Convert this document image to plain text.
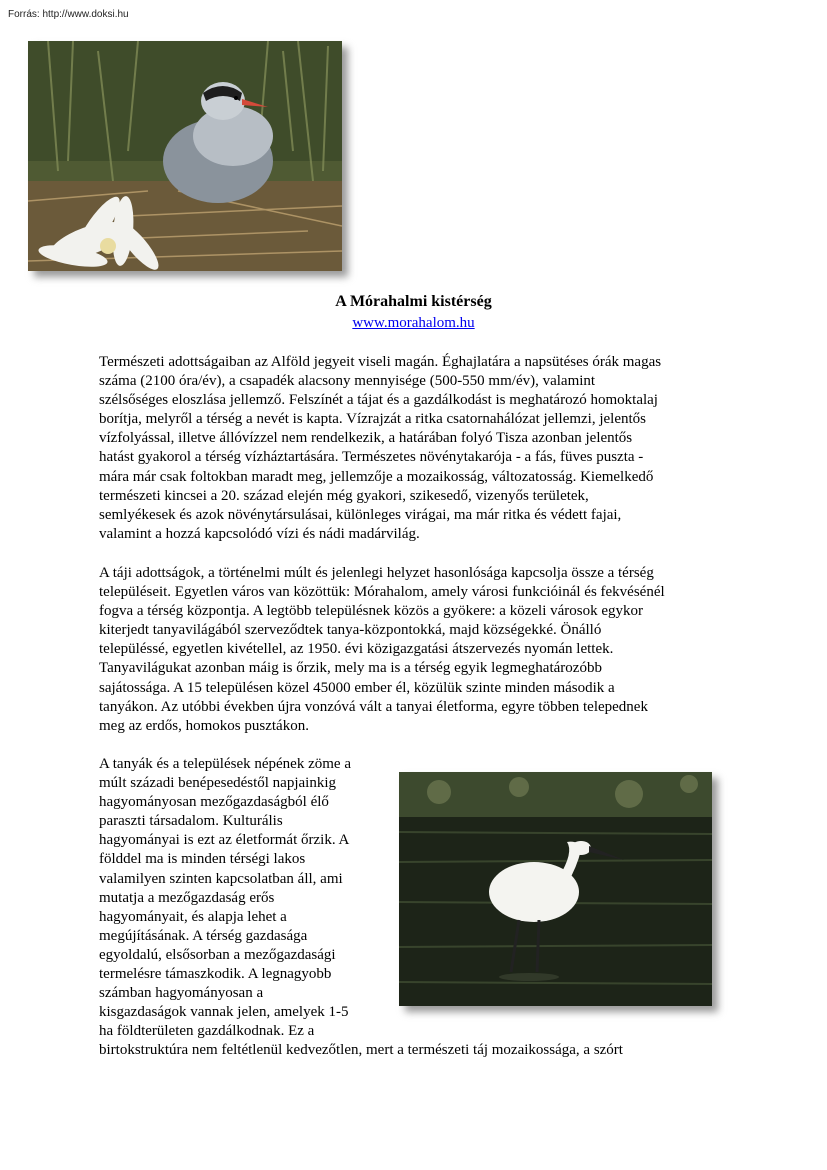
Forrás: http://www.doksi.hu
A Mórahalmi kistérség
www.morahalom.hu
Természeti adottságaiban az Alföld jegyeit viseli magán. Éghajlatára a napsütéses órák magas
száma (2100 óra/év), a csapadék alacsony mennyisége (500-550 mm/év), valamint
szélsőséges eloszlása jellemző. Felszínét a tájat és a gazdálkodást is meghatározó homoktalaj
borítja, melyről a térség a nevét is kapta. Vízrajzát a ritka csatornahálózat jellemzi, jelentős
vízfolyással, illetve állóvízzel nem rendelkezik, a határában folyó Tisza azonban jelentős
hatást gyakorol a térség vízháztartására. Természetes növénytakarója - a fás, füves puszta -
mára már csak foltokban maradt meg, jellemzője a mozaikosság, változatosság. Kiemelkedő
természeti kincsei a 20. század elején még gyakori, szikesedő, vizenyős területek,
semlyékesek és azok növénytársulásai, különleges virágai, ma már ritka és védett fajai,
valamint a hozzá kapcsolódó vízi és nádi madárvilág.
A táji adottságok, a történelmi múlt és jelenlegi helyzet hasonlósága kapcsolja össze a térség
településeit. Egyetlen város van közöttük: Mórahalom, amely városi funkcióinál és fekvésénél
fogva a térség központja. A legtöbb településnek közös a gyökere: a közeli városok egykor
kiterjedt tanyavilágából szerveződtek tanya-központokká, majd községekké. Önálló
településsé, egyetlen kivétellel, az 1950. évi közigazgatási átszervezés nyomán lettek.
Tanyavilágukat azonban máig is őrzik, mely ma is a térség egyik legmeghatározóbb
sajátossága. A 15 településen közel 45000 ember él, közülük szinte minden második a
tanyákon. Az utóbbi években újra vonzóvá vált a tanyai életforma, egyre többen telepednek
meg az erdős, homokos pusztákon.
A tanyák és a települések népének zöme a
múlt századi benépesedéstől napjainkig
hagyományosan mezőgazdaságból élő
paraszti társadalom. Kulturális
hagyományai is ezt az életformát őrzik. A
földdel ma is minden térségi lakos
valamilyen szinten kapcsolatban áll, ami
mutatja a mezőgazdaság erős
hagyományait, és alapja lehet a
megújításának. A térség gazdasága
egyoldalú, elsősorban a mezőgazdasági
termelésre támaszkodik. A legnagyobb
számban hagyományosan a
kisgazdaságok vannak jelen, amelyek 1-5
ha földterületen gazdálkodnak. Ez a
birtokstruktúra nem feltétlenül kedvezőtlen, mert a természeti táj mozaikossága, a szórt
